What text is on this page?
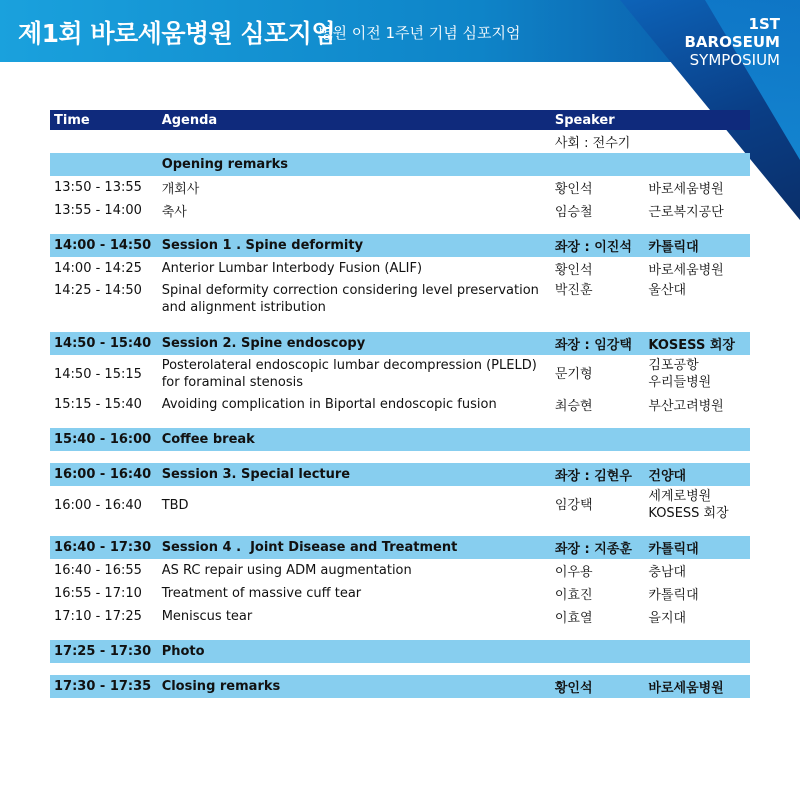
제1회 바로세움병원 심포지엄
병원 이전 1주년 기념 심포지엄	1ST
BAROSEUM
SYMPOSIUM
Time	Agenda	Speaker	
		사회 : 전수기	
	Opening remarks		
13:50 - 13:55	개회사	황인석	바로세움병원
13:55 - 14:00	축사	임승철	근로복지공단

14:00 - 14:50	Session 1 . Spine deformity	좌장 : 이진석	카톨릭대
14:00 - 14:25	Anterior Lumbar Interbody Fusion (ALIF)	황인석	바로세움병원
14:25 - 14:50	Spinal deformity correction considering level preservation and alignment istribution	박진훈	울산대

14:50 - 15:40	Session 2. Spine endoscopy	좌장 : 임강택	KOSESS 회장
14:50 - 15:15	Posterolateral endoscopic lumbar decompression (PLELD) for foraminal stenosis	문기형	김포공항
우리들병원

15:15 - 15:40	Avoiding complication in Biportal endoscopic fusion	최승현	부산고려병원

15:40 - 16:00	Coffee break		

16:00 - 16:40	Session 3. Special lecture	좌장 : 김현우	건양대
16:00 - 16:40	TBD	임강택	세계로병원
KOSESS 회장

16:40 - 17:30	Session 4 .  Joint Disease and Treatment	좌장 : 지종훈	카톨릭대
16:40 - 16:55	AS RC repair using ADM augmentation	이우용	충남대
16:55 - 17:10	Treatment of massive cuff tear	이효진	카톨릭대
17:10 - 17:25	Meniscus tear	이효열	을지대

17:25 - 17:30	Photo		

17:30 - 17:35	Closing remarks	황인석	바로세움병원
